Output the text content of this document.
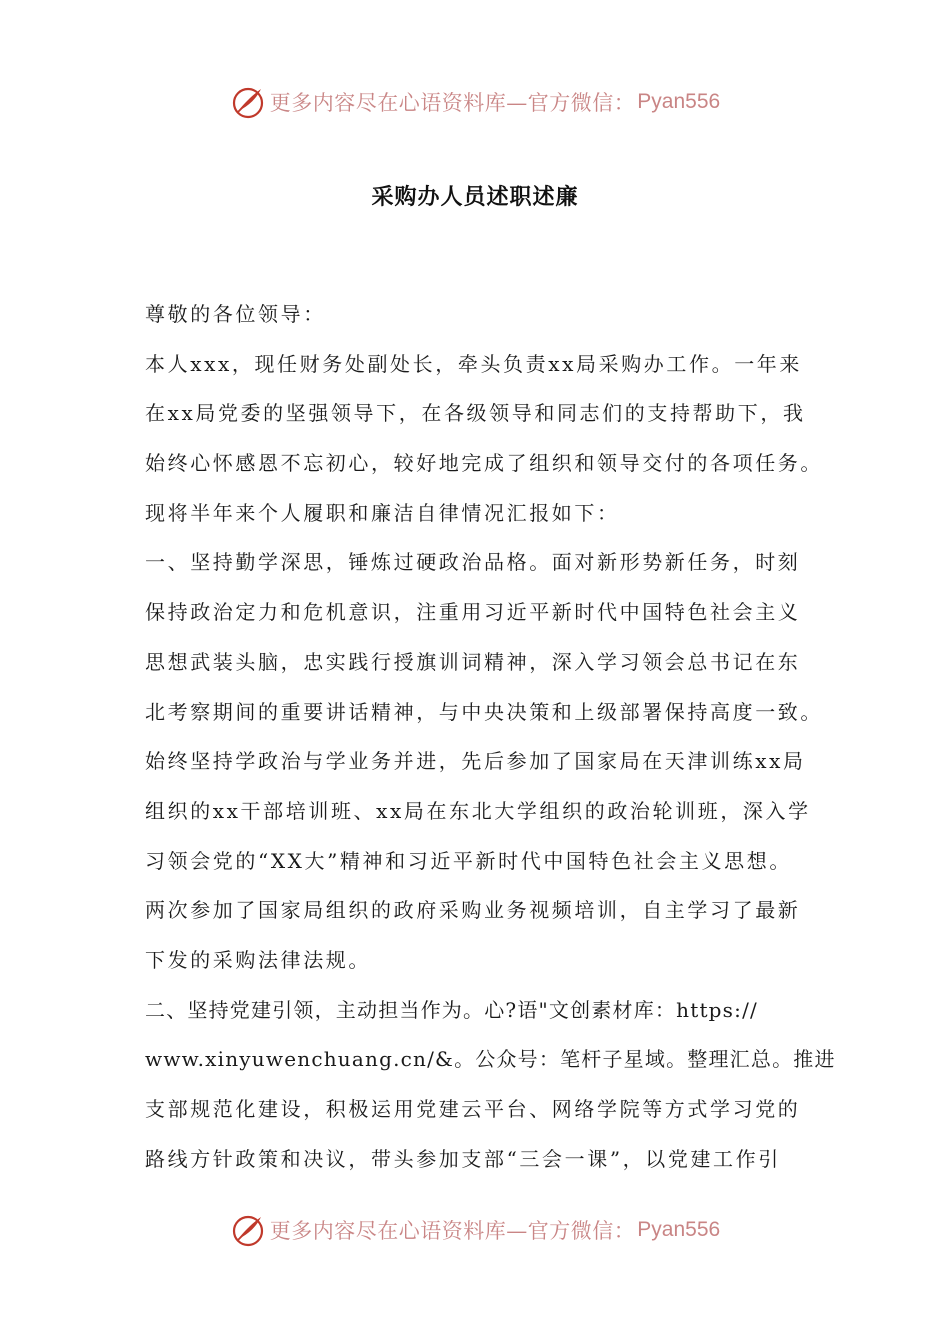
更多内容尽在心语资料库—官方微信： Pyan556
采购办人员述职述廉
尊敬的各位领导：
本人xxx，现任财务处副处长，牵头负责xx局采购办工作。一年来
在xx局党委的坚强领导下，在各级领导和同志们的支持帮助下，我
始终心怀感恩不忘初心，较好地完成了组织和领导交付的各项任务。
现将半年来个人履职和廉洁自律情况汇报如下：
一、坚持勤学深思，锤炼过硬政治品格。面对新形势新任务，时刻
保持政治定力和危机意识，注重用习近平新时代中国特色社会主义
思想武装头脑，忠实践行授旗训词精神，深入学习领会总书记在东
北考察期间的重要讲话精神，与中央决策和上级部署保持高度一致。
始终坚持学政治与学业务并进，先后参加了国家局在天津训练xx局
组织的xx干部培训班、xx局在东北大学组织的政治轮训班，深入学
习领会党的“XX大”精神和习近平新时代中国特色社会主义思想。
两次参加了国家局组织的政府采购业务视频培训，自主学习了最新
下发的采购法律法规。
二、坚持党建引领，主动担当作为。心?语"文创素材库：https://
www.xinyuwenchuang.cn/&。公众号：笔杆子星域。整理汇总。推进
支部规范化建设，积极运用党建云平台、网络学院等方式学习党的
路线方针政策和决议，带头参加支部“三会一课”，以党建工作引
更多内容尽在心语资料库—官方微信： Pyan556
